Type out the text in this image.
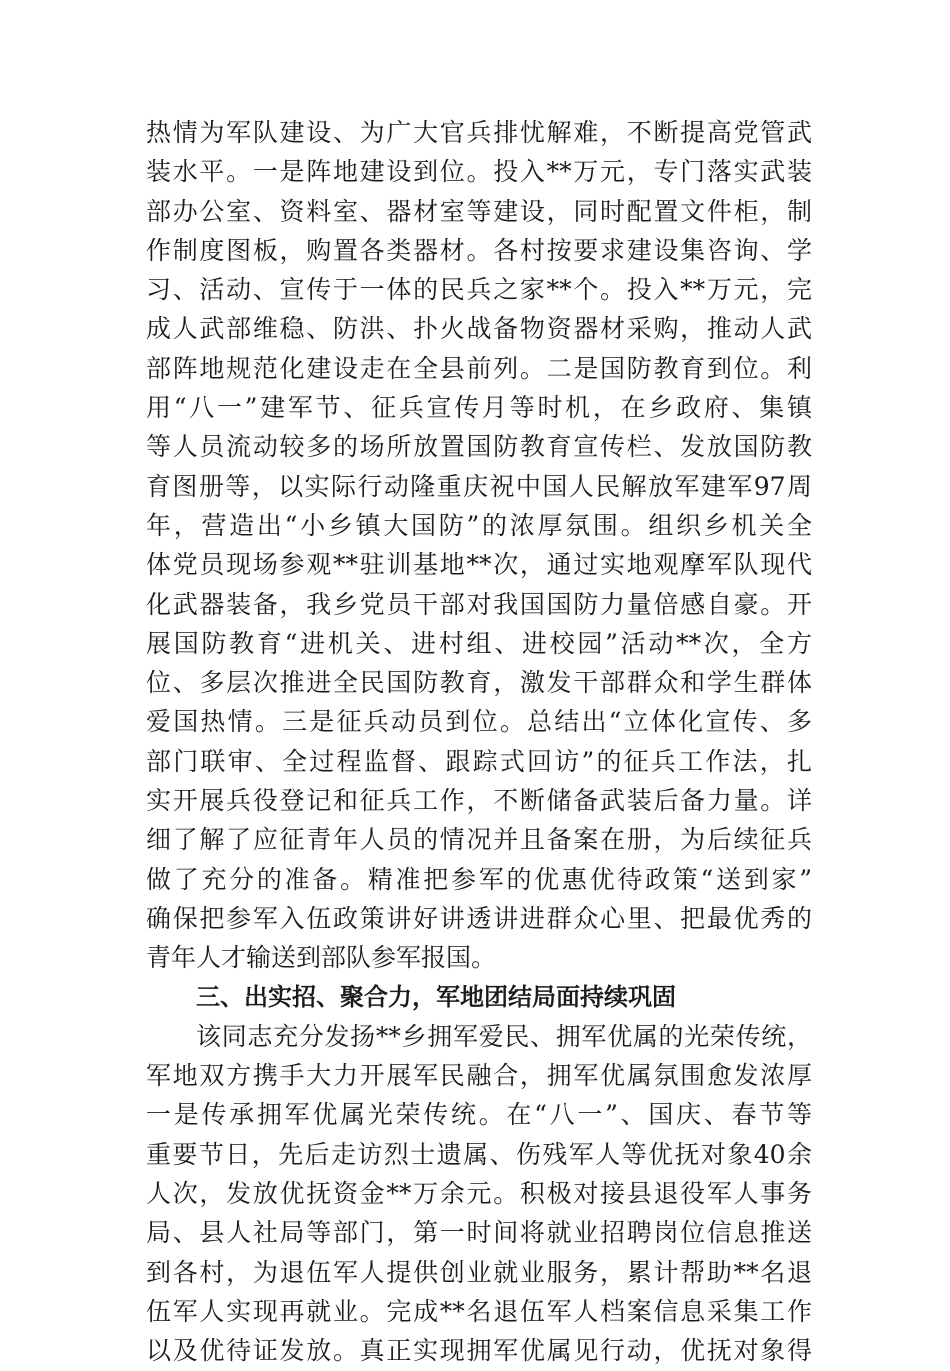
热情为军队建设、为广大官兵排忧解难，不断提高党管武
装水平。一是阵地建设到位。投入**万元，专门落实武装
部办公室、资料室、器材室等建设，同时配置文件柜，制
作制度图板，购置各类器材。各村按要求建设集咨询、学
习、活动、宣传于一体的民兵之家**个。投入**万元，完
成人武部维稳、防洪、扑火战备物资器材采购，推动人武
部阵地规范化建设走在全县前列。二是国防教育到位。利
用“八一”建军节、征兵宣传月等时机，在乡政府、集镇
等人员流动较多的场所放置国防教育宣传栏、发放国防教
育图册等，以实际行动隆重庆祝中国人民解放军建军97周
年，营造出“小乡镇大国防”的浓厚氛围。组织乡机关全
体党员现场参观**驻训基地**次，通过实地观摩军队现代
化武器装备，我乡党员干部对我国国防力量倍感自豪。开
展国防教育“进机关、进村组、进校园”活动**次，全方
位、多层次推进全民国防教育，激发干部群众和学生群体
爱国热情。三是征兵动员到位。总结出“立体化宣传、多
部门联审、全过程监督、跟踪式回访”的征兵工作法，扎
实开展兵役登记和征兵工作，不断储备武装后备力量。详
细了解了应征青年人员的情况并且备案在册，为后续征兵
做了充分的准备。精准把参军的优惠优待政策“送到家”
确保把参军入伍政策讲好讲透讲进群众心里、把最优秀的
青年人才输送到部队参军报国。
三、出实招、聚合力，军地团结局面持续巩固
该同志充分发扬**乡拥军爱民、拥军优属的光荣传统，
军地双方携手大力开展军民融合，拥军优属氛围愈发浓厚
一是传承拥军优属光荣传统。在“八一”、国庆、春节等
重要节日，先后走访烈士遗属、伤残军人等优抚对象40余
人次，发放优抚资金**万余元。积极对接县退役军人事务
局、县人社局等部门，第一时间将就业招聘岗位信息推送
到各村，为退伍军人提供创业就业服务，累计帮助**名退
伍军人实现再就业。完成**名退伍军人档案信息采集工作
以及优待证发放。真正实现拥军优属见行动，优抚对象得
